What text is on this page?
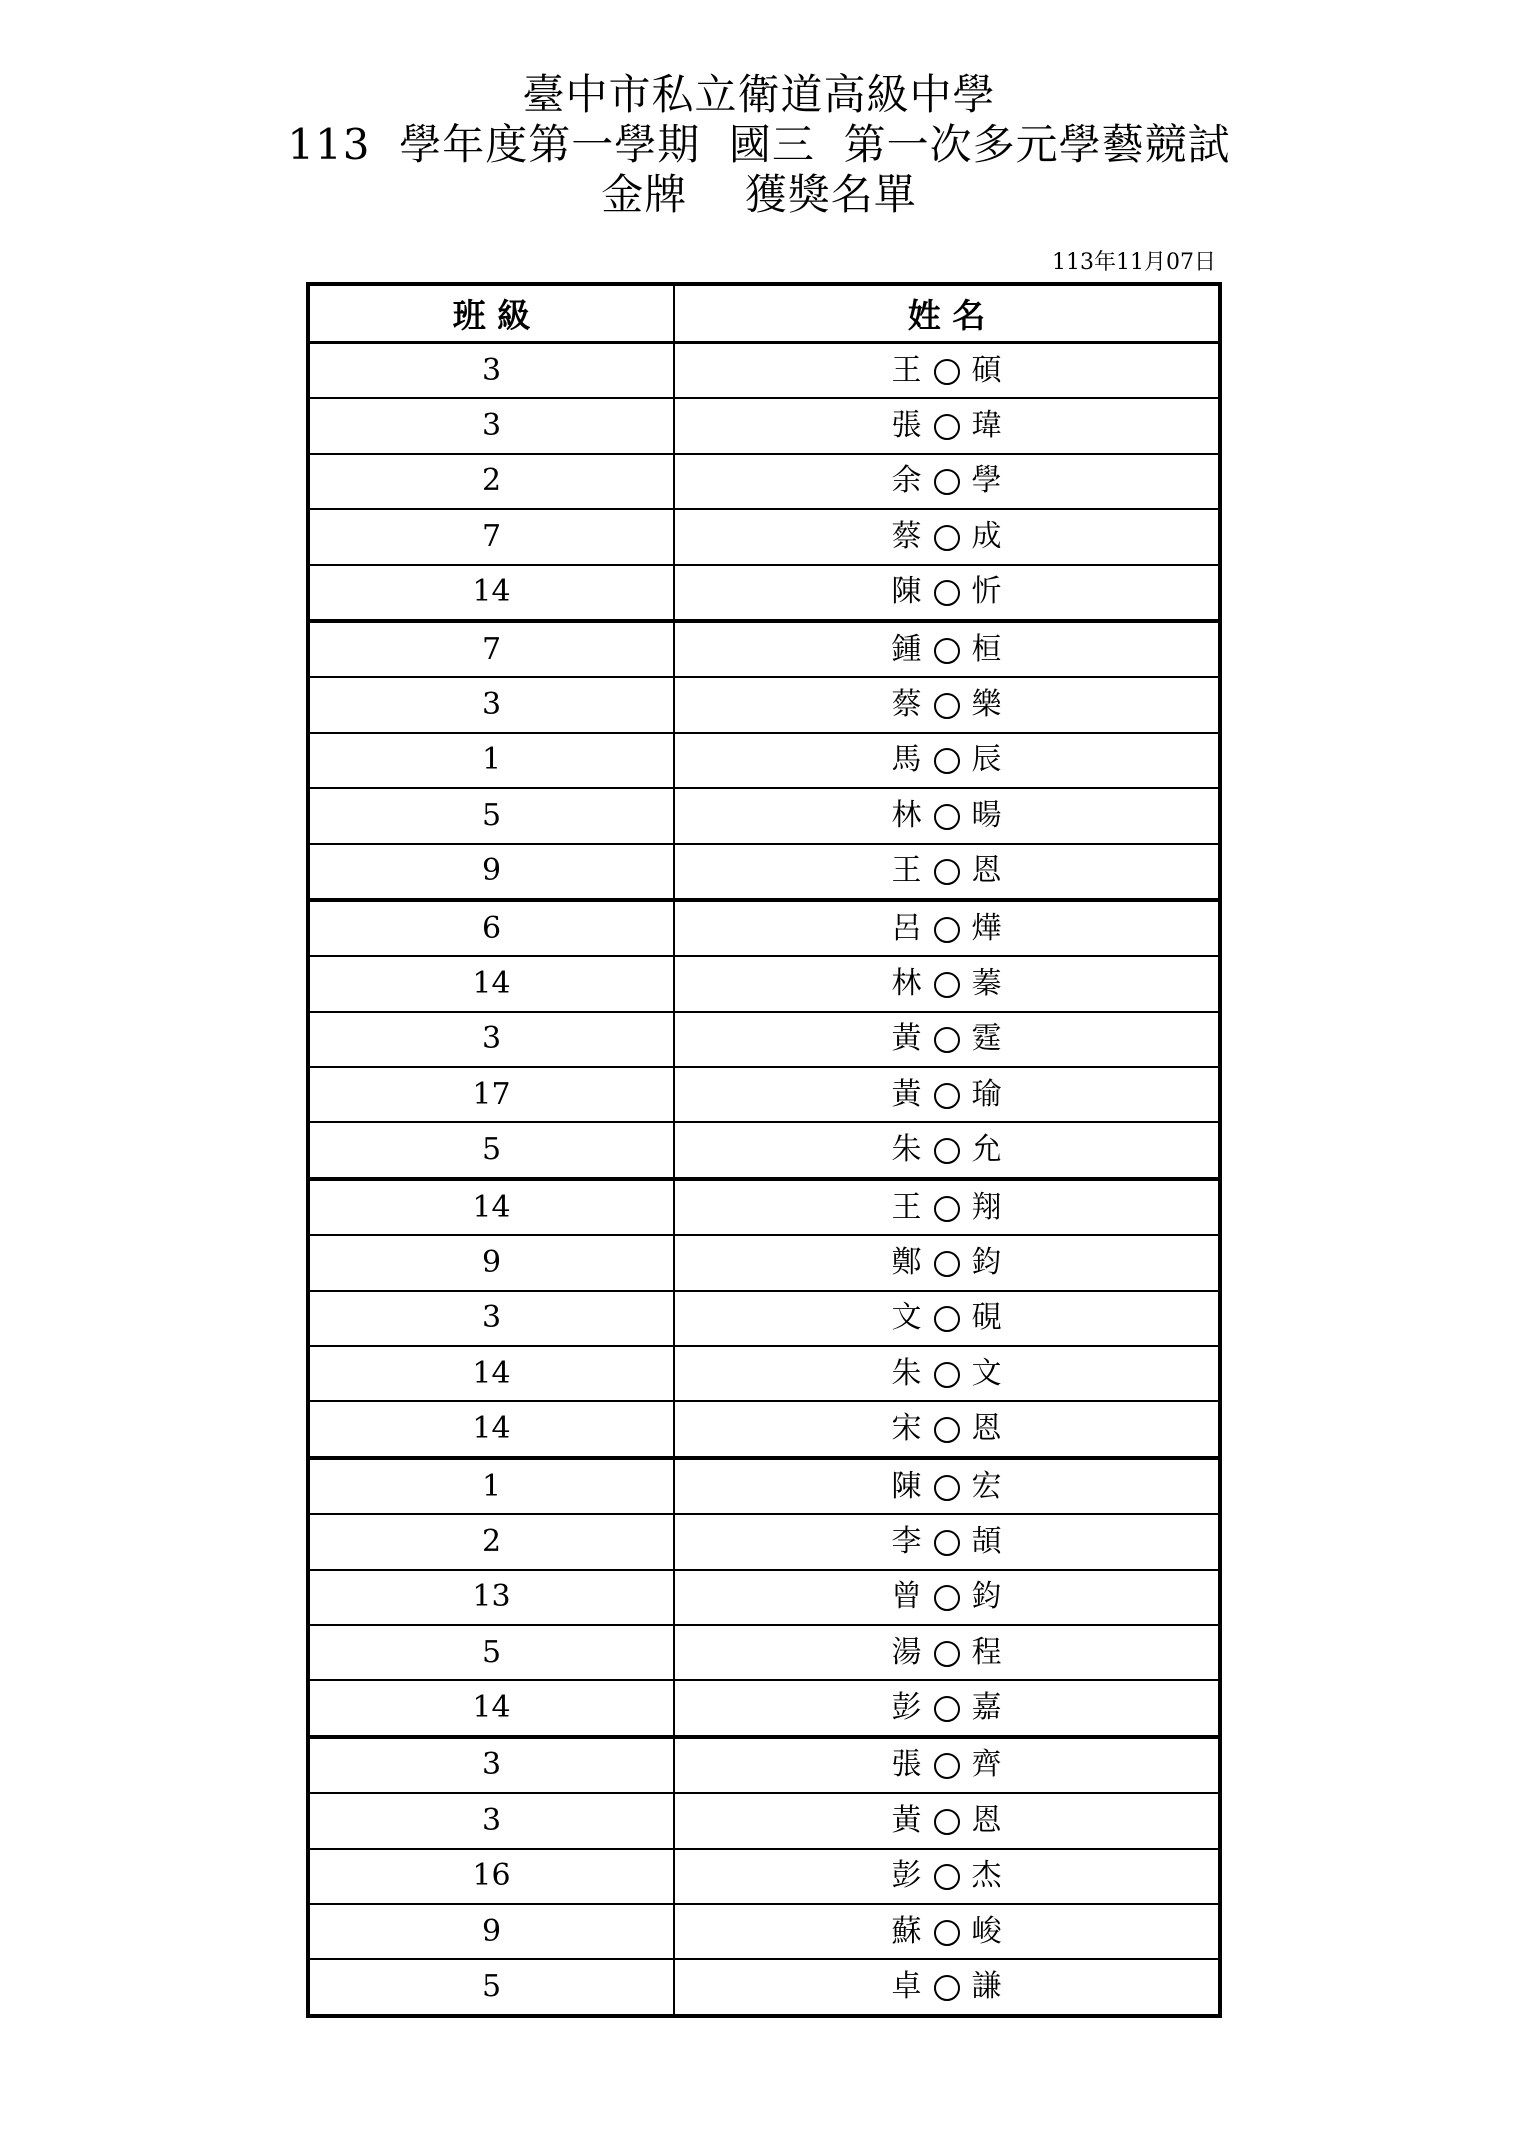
臺中市私立衛道高級中學
113  學年度第一學期  國三  第一次多元學藝競試
金牌    獲獎名單
113年11月07日
班 級	姓 名
3	王 碩
3	張 瑋
2	余 學
7	蔡 成
14	陳 忻
7	鍾 桓
3	蔡 樂
1	馬 辰
5	林 暘
9	王 恩
6	呂 燁
14	林 蓁
3	黃 霆
17	黃 瑜
5	朱 允
14	王 翔
9	鄭 鈞
3	文 硯
14	朱 文
14	宋 恩
1	陳 宏
2	李 頡
13	曾 鈞
5	湯 程
14	彭 嘉
3	張 齊
3	黃 恩
16	彭 杰
9	蘇 峻
5	卓 謙
